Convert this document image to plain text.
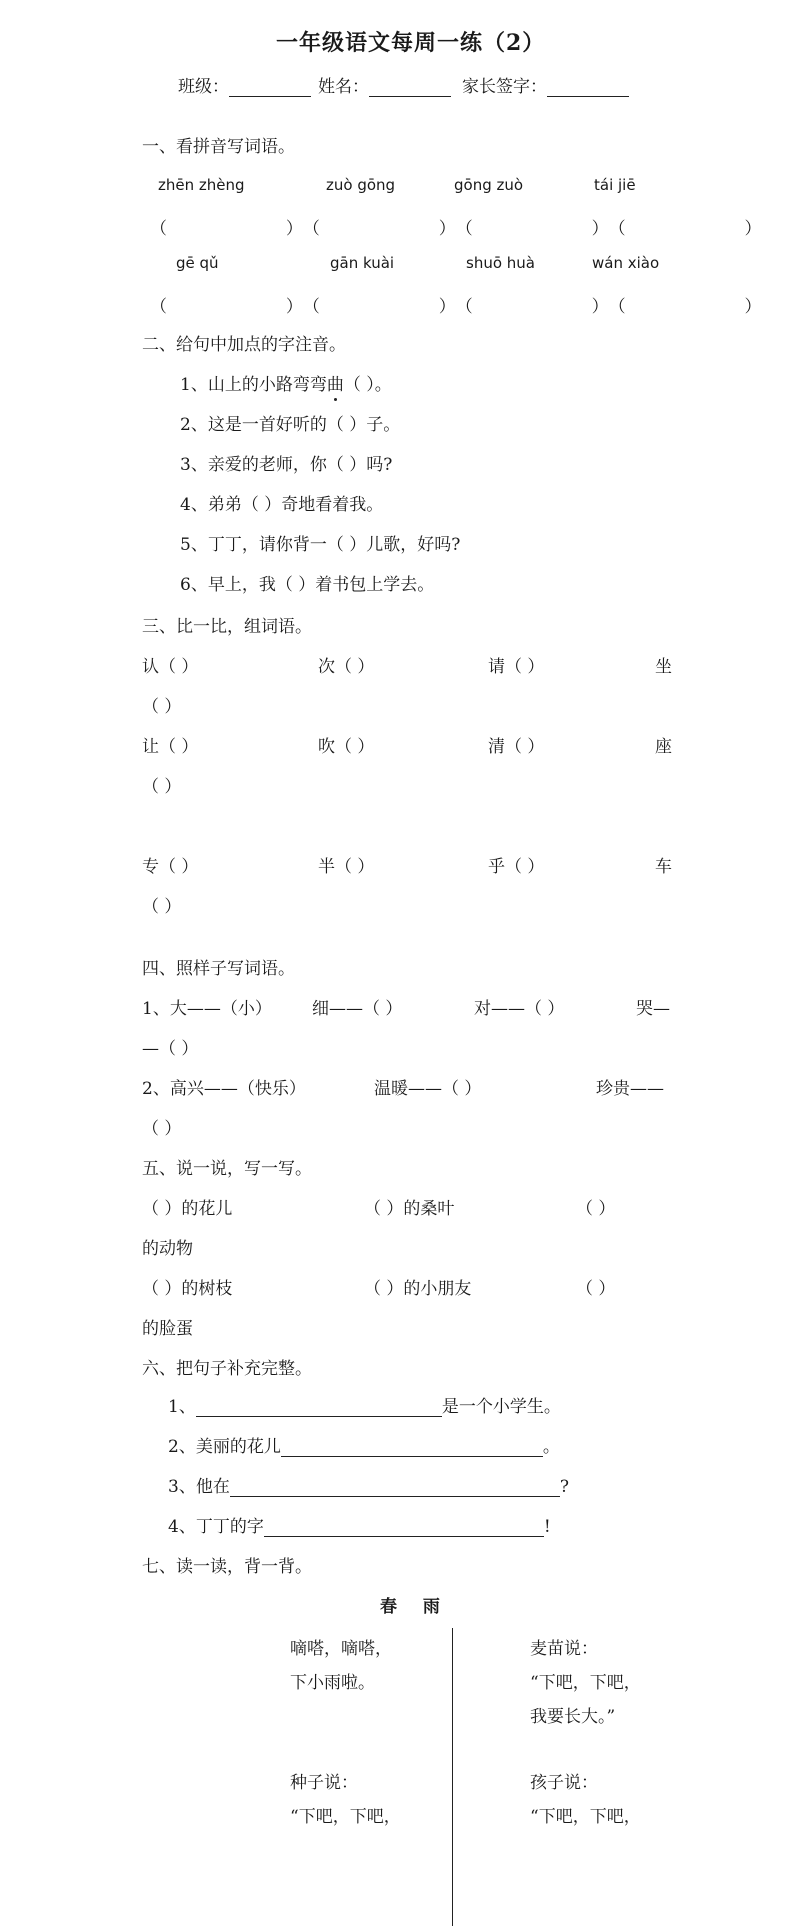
一年级语文每周一练（2）
班级：	姓名：	家长签字：
一、看拼音写词语。
zhēn zhèng	zuò gōng	gōng zuò	tái jiē
（                      ） （                      ） （                      ） （                      ）
gē qǔ	gān kuài	shuō huà	wán xiào
（                      ） （                      ） （                      ） （                      ）
二、给句中加点的字注音。
1、山上的小路弯弯曲（ ）。
2、这是一首好听的（ ）子。
3、亲爱的老师，你（ ）吗?
4、弟弟（ ）奇地看着我。
5、丁丁，请你背一（ ）儿歌，好吗?
6、早上，我（ ）着书包上学去。
三、比一比，组词语。
认（ ）	次（ ）	请（ ）	坐
（ ）
让（ ）	吹（ ）	清（ ）	座
（ ）
专（ ）	半（ ）	乎（ ）	车
（ ）
四、照样子写词语。
1、大——（小） 细——（ ）	对——（ ）	哭—
—（ ）
2、高兴——（快乐）	温暖——（ ）	珍贵——
（ ）
五、说一说，写一写。
（ ）的花儿	（ ）的桑叶	（ ）
的动物
（ ）的树枝	（ ）的小朋友	（ ）
的脸蛋
六、把句子补充完整。
1、	是一个小学生。
2、美丽的花儿	。
3、他在	?
4、丁丁的字	!
七、读一读，背一背。
春 雨
嘀嗒，嘀嗒，
下小雨啦。
种子说：
“下吧，下吧，
麦苗说：
“下吧，下吧，
我要长大。”
孩子说：
“下吧，下吧，
